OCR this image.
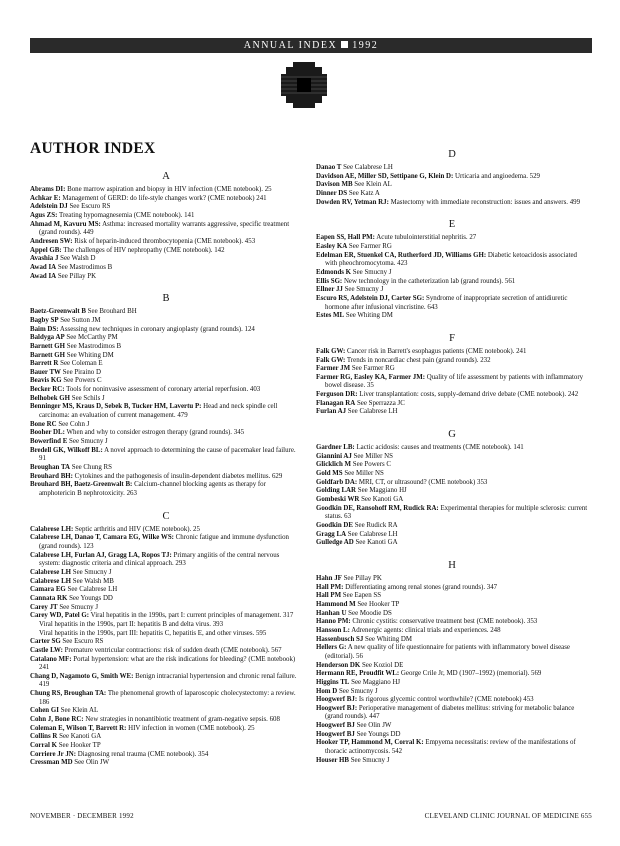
ANNUAL INDEX 1992
AUTHOR INDEX
A
Abrams DI: Bone marrow aspiration and biopsy in HIV infection (CME notebook). 25
Achkar E: Management of GERD: do life-style changes work? (CME notebook) 241
Adelstein DJ See Escuro RS
Agus ZS: Treating hypomagnesemia (CME notebook). 141
Ahmad M, Kavuru MS: Asthma: increased mortality warrants aggressive, specific treatment (grand rounds). 449
Andresen SW: Risk of heparin-induced thrombocytopenia (CME notebook). 453
Appel GB: The challenges of HIV nephropathy (CME notebook). 142
Avashia J See Walsh D
Awad IA See Mastrodimos B
Awad IA See Pillay PK
B
Baetz-Greenwalt B See Brouhard BH
Bagby SP See Sutton JM
Baim DS: Assessing new techniques in coronary angioplasty (grand rounds). 124
Baldyga AP See McCarthy PM
Barnett GH See Mastrodimos B
Barnett GH See Whiting DM
Barrett R See Coleman E
Bauer TW See Piraino D
Beavis KG See Powers C
Becker RC: Tools for noninvasive assessment of coronary arterial reperfusion. 403
Belhobek GH See Schils J
Benninger MS, Kraus D, Sebek B, Tucker HM, Lavertu P: Head and neck spindle cell carcinoma: an evaluation of current management. 479
Bone RC See Cohn J
Booher DL: When and why to consider estrogen therapy (grand rounds). 345
Bowerfind E See Smucny J
Bredell GK, Wilkoff BL: A novel approach to determining the cause of pacemaker lead failure. 91
Broughan TA See Chung RS
Brouhard BH: Cytokines and the pathogenesis of insulin-dependent diabetes mellitus. 629
Brouhard BH, Baetz-Greenwalt B: Calcium-channel blocking agents as therapy for amphotericin B nephrotoxicity. 263
C
Calabrese LH: Septic arthritis and HIV (CME notebook). 25
Calabrese LH, Danao T, Camara EG, Wilke WS: Chronic fatigue and immune dysfunction (grand rounds). 123
Calabrese LH, Furlan AJ, Gragg LA, Ropos TJ: Primary angiitis of the central nervous system: diagnostic criteria and clinical approach. 293
Calabrese LH See Smucny J
Calabrese LH See Walsh MB
Camara EG See Calabrese LH
Cannata RK See Youngs DD
Carey JT See Smucny J
Carey WD, Patel G: Viral hepatitis in the 1990s, part I: current principles of management. 317
Viral hepatitis in the 1990s, part II: hepatitis B and delta virus. 393
Viral hepatitis in the 1990s, part III: hepatitis C, hepatitis E, and other viruses. 595
Carter SG See Escuro RS
Castle LW: Premature ventricular contractions: risk of sudden death (CME notebook). 567
Catalano MF: Portal hypertension: what are the risk indications for bleeding? (CME notebook) 241
Chang D, Nagamoto G, Smith WE: Benign intracranial hypertension and chronic renal failure. 419
Chung RS, Broughan TA: The phenomenal growth of laparoscopic cholecystectomy: a review. 186
Cohen GI See Klein AL
Cohn J, Bone RC: New strategies in nonantibiotic treatment of gram-negative sepsis. 608
Coleman E, Wilson T, Barrett R: HIV infection in women (CME notebook). 25
Collins R See Kanoti GA
Corral K See Hooker TP
Corriere Jr JN: Diagnosing renal trauma (CME notebook). 354
Cressman MD See Olin JW
D
Danao T See Calabrese LH
Davidson AE, Miller SD, Settipane G, Klein D: Urticaria and angioedema. 529
Davison MB See Klein AL
Dinner DS See Katz A
Dowden RV, Yetman RJ: Mastectomy with immediate reconstruction: issues and answers. 499
E
Eapen SS, Hall PM: Acute tubulointerstitial nephritis. 27
Easley KA See Farmer RG
Edelman ER, Stuenkel CA, Rutherford JD, Williams GH: Diabetic ketoacidosis associated with pheochromocytoma. 423
Edmonds K See Smucny J
Ellis SG: New technology in the catheterization lab (grand rounds). 561
Ellner JJ See Smucny J
Escuro RS, Adelstein DJ, Carter SG: Syndrome of inappropriate secretion of antidiuretic hormone after infusional vincristine. 643
Estes ML See Whiting DM
F
Falk GW: Cancer risk in Barrett's esophagus patients (CME notebook). 241
Falk GW: Trends in noncardiac chest pain (grand rounds). 232
Farmer JM See Farmer RG
Farmer RG, Easley KA, Farmer JM: Quality of life assessment by patients with inflammatory bowel disease. 35
Ferguson DR: Liver transplantation: costs, supply-demand drive debate (CME notebook). 242
Flanagan RA See Sperrazza JC
Furlan AJ See Calabrese LH
G
Gardner LB: Lactic acidosis: causes and treatments (CME notebook). 141
Giannini AJ See Miller NS
Glicklich M See Powers C
Gold MS See Miller NS
Goldfarb DA: MRI, CT, or ultrasound? (CME notebook) 353
Golding LAR See Maggiano HJ
Gombeski WR See Kanoti GA
Goodkin DE, Ransohoff RM, Rudick RA: Experimental therapies for multiple sclerosis: current status. 63
Goodkin DE See Rudick RA
Gragg LA See Calabrese LH
Gulledge AD See Kanoti GA
H
Hahn JF See Pillay PK
Hall PM: Differentiating among renal stones (grand rounds). 347
Hall PM See Eapen SS
Hammond M See Hooker TP
Hanhan U See Moodie DS
Hanno PM: Chronic cystitis: conservative treatment best (CME notebook). 353
Hansson L: Adrenergic agents: clinical trials and experiences. 248
Hassenbusch SJ See Whiting DM
Hellers G: A new quality of life questionnaire for patients with inflammatory bowel disease (editorial). 56
Henderson DK See Koziol DE
Hermann RE, Proudfit WL: George Crile Jr, MD (1907–1992) (memorial). 569
Higgins TL See Maggiano HJ
Hom D See Smucny J
Hoogwerf BJ: Is rigorous glycemic control worthwhile? (CME notebook) 453
Hoogwerf BJ: Perioperative management of diabetes mellitus: striving for metabolic balance (grand rounds). 447
Hoogwerf BJ See Olin JW
Hoogwerf BJ See Youngs DD
Hooker TP, Hammond M, Corral K: Empyema necessitatis: review of the manifestations of thoracic actinomycosis. 542
Houser HB See Smucny J
NOVEMBER · DECEMBER 1992	CLEVELAND CLINIC JOURNAL OF MEDICINE 655
